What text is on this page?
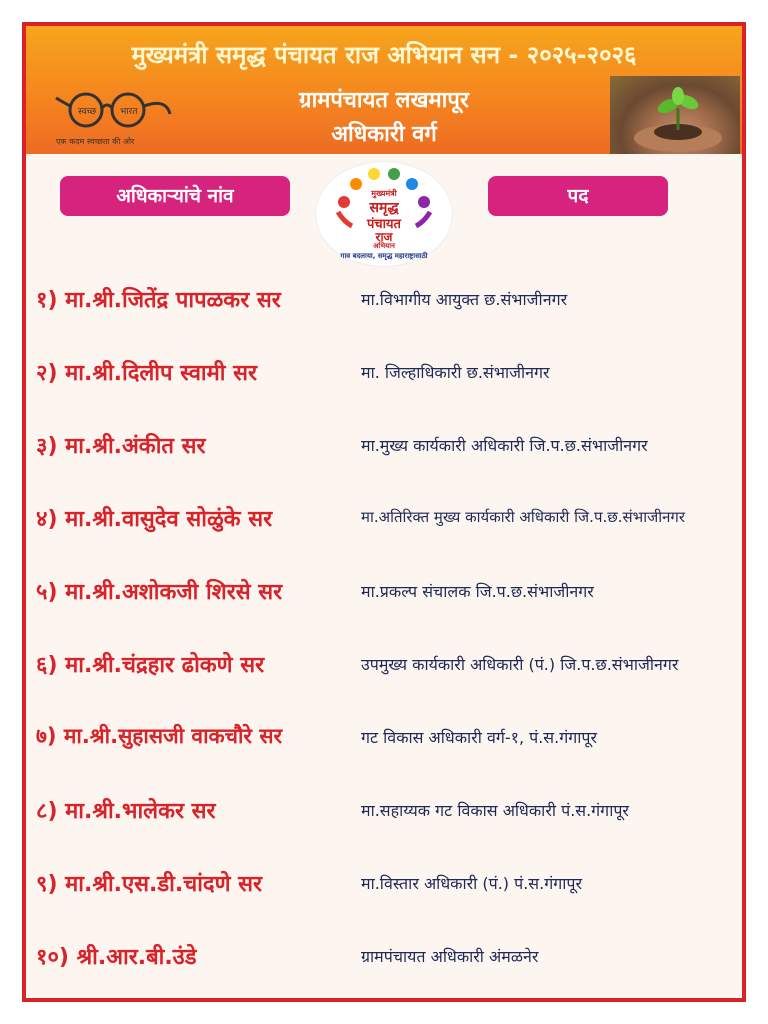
मुख्यमंत्री समृद्ध पंचायत राज अभियान सन - २०२५-२०२६
स्वच्छ	भारत
एक कदम स्वच्छता की ओर
ग्रामपंचायत लखमापूर
अधिकारी वर्ग
अधिकाऱ्यांचे नांव	पद
मुख्यमंत्री
समृद्ध
पंचायत
राज
अभियान
गाव बदलाया, समृद्ध महाराष्ट्रासाठी
१) मा.श्री.जितेंद्र पापळकर सर	मा.विभागीय आयुक्त छ.संभाजीनगर
२) मा.श्री.दिलीप स्वामी सर	मा. जिल्हाधिकारी छ.संभाजीनगर
३) मा.श्री.अंकीत सर	मा.मुख्य कार्यकारी अधिकारी जि.प.छ.संभाजीनगर
४) मा.श्री.वासुदेव सोळुंके सर	मा.अतिरिक्त मुख्य कार्यकारी अधिकारी जि.प.छ.संभाजीनगर
५) मा.श्री.अशोकजी शिरसे सर	मा.प्रकल्प संचालक जि.प.छ.संभाजीनगर
६) मा.श्री.चंद्रहार ढोकणे सर	उपमुख्य कार्यकारी अधिकारी (पं.) जि.प.छ.संभाजीनगर
७) मा.श्री.सुहासजी वाकचौरे सर	गट विकास अधिकारी वर्ग-१, पं.स.गंगापूर
८) मा.श्री.भालेकर सर	मा.सहाय्यक गट विकास अधिकारी पं.स.गंगापूर
९) मा.श्री.एस.डी.चांदणे सर	मा.विस्तार अधिकारी (पं.) पं.स.गंगापूर
१०) श्री.आर.बी.उंडे	ग्रामपंचायत अधिकारी अंमळनेर
